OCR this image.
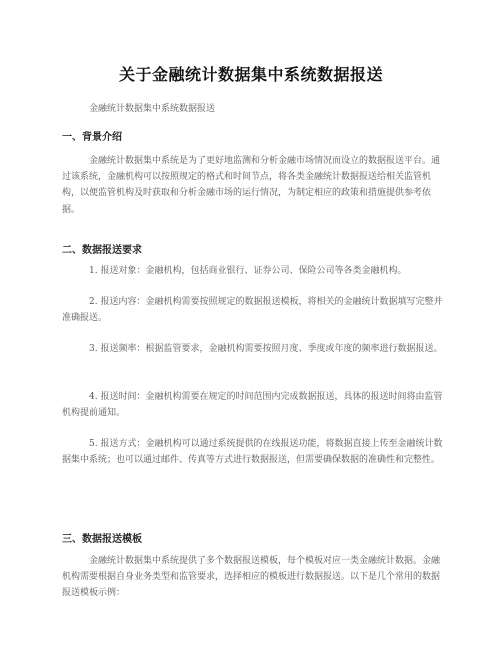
关于金融统计数据集中系统数据报送

金融统计数据集中系统数据报送

一、背景介绍

金融统计数据集中系统是为了更好地监测和分析金融市场情况而设立的数据报送平台。通过该系统，金融机构可以按照规定的格式和时间节点，将各类金融统计数据报送给相关监管机构，以便监管机构及时获取和分析金融市场的运行情况，为制定相应的政策和措施提供参考依据。

二、数据报送要求

1. 报送对象：金融机构，包括商业银行、证券公司、保险公司等各类金融机构。

2. 报送内容：金融机构需要按照规定的数据报送模板，将相关的金融统计数据填写完整并准确报送。

3. 报送频率：根据监管要求，金融机构需要按照月度、季度或年度的频率进行数据报送。

4. 报送时间：金融机构需要在规定的时间范围内完成数据报送，具体的报送时间将由监管机构提前通知。

5. 报送方式：金融机构可以通过系统提供的在线报送功能，将数据直接上传至金融统计数据集中系统；也可以通过邮件、传真等方式进行数据报送，但需要确保数据的准确性和完整性。

三、数据报送模板

金融统计数据集中系统提供了多个数据报送模板，每个模板对应一类金融统计数据。金融机构需要根据自身业务类型和监管要求，选择相应的模板进行数据报送。以下是几个常用的数据报送模板示例：
